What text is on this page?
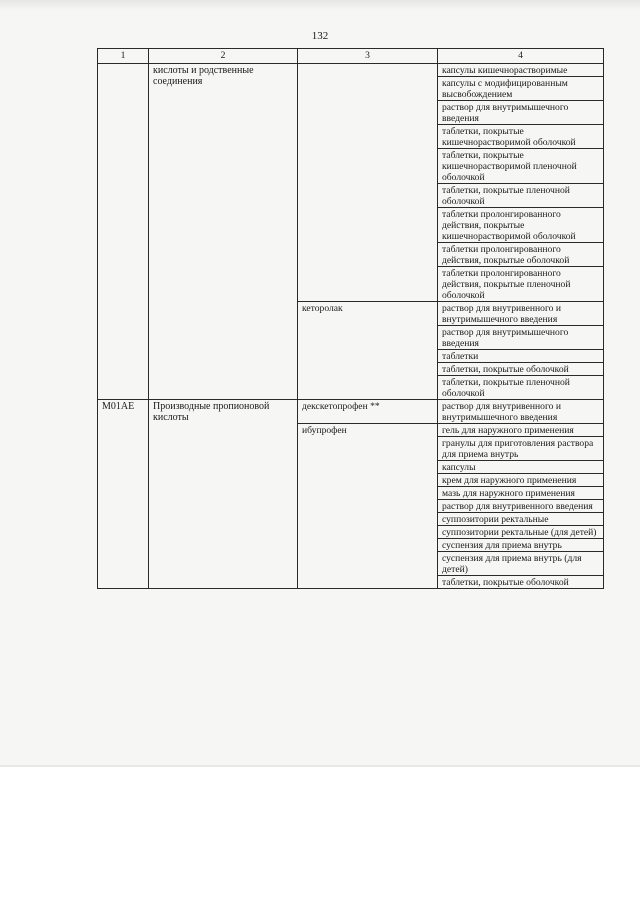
132
1	2	3	4
	кислоты и родственные соединения		капсулы кишечнорастворимые
			капсулы с модифицированным высвобождением
			раствор для внутримышечного введения
			таблетки, покрытые кишечнорастворимой оболочкой
			таблетки, покрытые кишечнорастворимой пленочной оболочкой
			таблетки, покрытые пленочной оболочкой
			таблетки пролонгированного действия, покрытые кишечнорастворимой оболочкой
			таблетки пролонгированного действия, покрытые оболочкой
			таблетки пролонгированного действия, покрытые пленочной оболочкой
		кеторолак	раствор для внутривенного и внутримышечного введения
			раствор для внутримышечного введения
			таблетки
			таблетки, покрытые оболочкой
			таблетки, покрытые пленочной оболочкой
M01AE	Производные пропионовой кислоты	декскетопрофен **	раствор для внутривенного и внутримышечного введения
		ибупрофен	гель для наружного применения
			гранулы для приготовления раствора для приема внутрь
			капсулы
			крем для наружного применения
			мазь для наружного применения
			раствор для внутривенного введения
			суппозитории ректальные
			суппозитории ректальные (для детей)
			суспензия для приема внутрь
			суспензия для приема внутрь (для детей)
			таблетки, покрытые оболочкой
